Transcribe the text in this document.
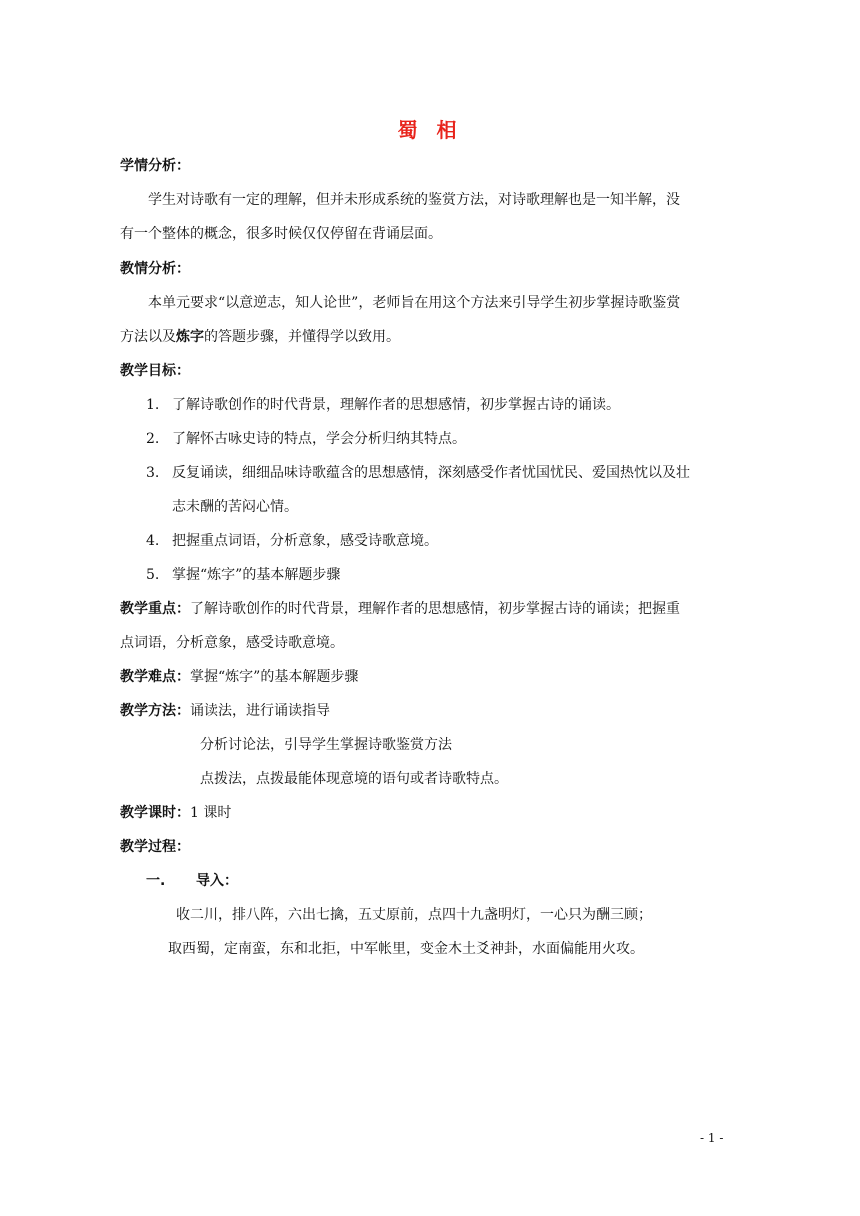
蜀 相
学情分析：
学生对诗歌有一定的理解，但并未形成系统的鉴赏方法，对诗歌理解也是一知半解，没
有一个整体的概念，很多时候仅仅停留在背诵层面。
教情分析：
本单元要求“以意逆志，知人论世”，老师旨在用这个方法来引导学生初步掌握诗歌鉴赏
方法以及炼字的答题步骤，并懂得学以致用。
教学目标：
1. 了解诗歌创作的时代背景，理解作者的思想感情，初步掌握古诗的诵读。
2. 了解怀古咏史诗的特点，学会分析归纳其特点。
3. 反复诵读，细细品味诗歌蕴含的思想感情，深刻感受作者忧国忧民、爱国热忱以及壮
志未酬的苦闷心情。
4. 把握重点词语，分析意象，感受诗歌意境。
5. 掌握“炼字”的基本解题步骤
教学重点：了解诗歌创作的时代背景，理解作者的思想感情，初步掌握古诗的诵读；把握重
点词语，分析意象，感受诗歌意境。
教学难点：掌握“炼字”的基本解题步骤
教学方法：诵读法，进行诵读指导
分析讨论法，引导学生掌握诗歌鉴赏方法
点拨法，点拨最能体现意境的语句或者诗歌特点。
教学课时：1 课时
教学过程：
一. 导入：
收二川，排八阵，六出七擒，五丈原前，点四十九盏明灯，一心只为酬三顾；
取西蜀，定南蛮，东和北拒，中军帐里，变金木土爻神卦，水面偏能用火攻。
- 1 -
